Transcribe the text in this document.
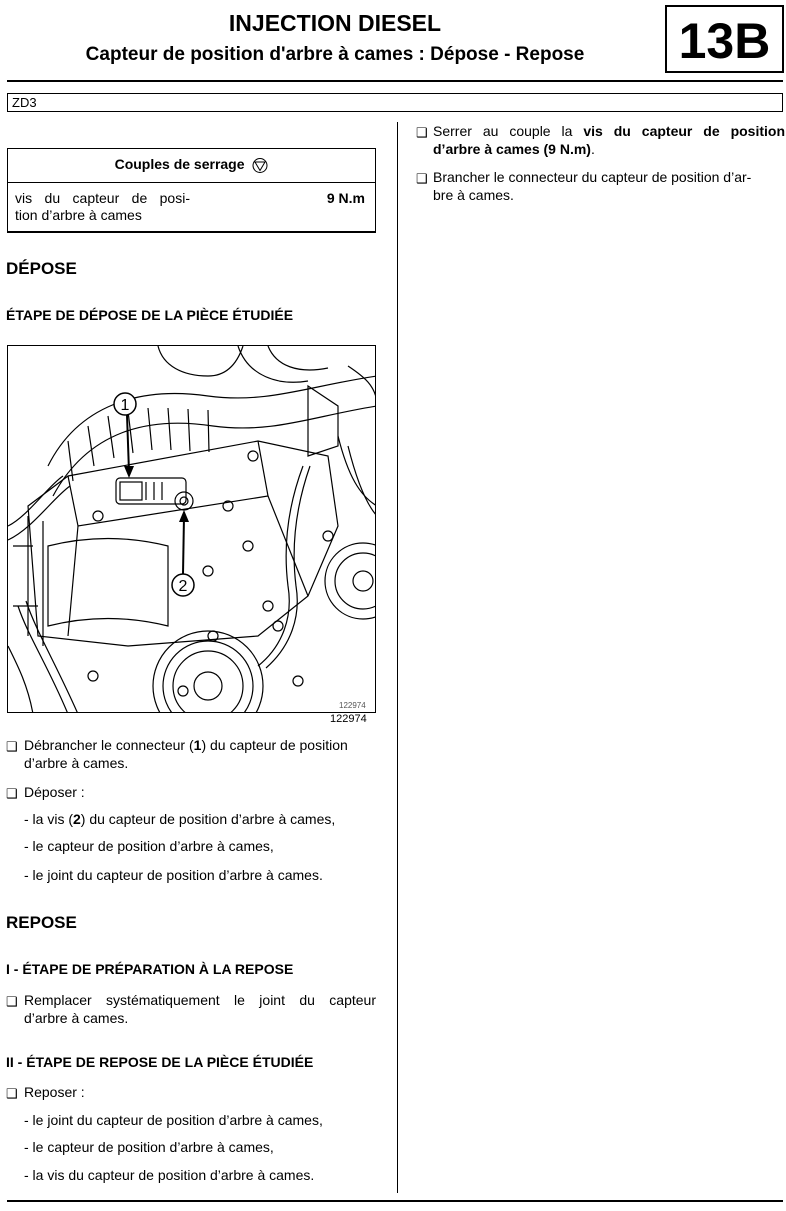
INJECTION DIESEL
Capteur de position d'arbre à cames : Dépose - Repose	13B
ZD3
Couples de serrage
vis du capteur de posi-
tion d’arbre à cames
9 N.m
DÉPOSE
ÉTAPE DE DÉPOSE DE LA PIÈCE ÉTUDIÉE
1
2
122974
122974
❑ Débrancher le connecteur (1) du capteur de position
d’arbre à cames.
❑ Déposer :
- la vis (2) du capteur de position d’arbre à cames,
- le capteur de position d’arbre à cames,
- le joint du capteur de position d’arbre à cames.
REPOSE
I - ÉTAPE DE PRÉPARATION À LA REPOSE
❑ Remplacer systématiquement le joint du capteur
d’arbre à cames.
II - ÉTAPE DE REPOSE DE LA PIÈCE ÉTUDIÉE
❑ Reposer :
- le joint du capteur de position d’arbre à cames,
- le capteur de position d’arbre à cames,
- la vis du capteur de position d’arbre à cames.
❑ Serrer au couple la vis du capteur de position
d’arbre à cames (9 N.m).
❑ Brancher le connecteur du capteur de position d’ar-
bre à cames.
